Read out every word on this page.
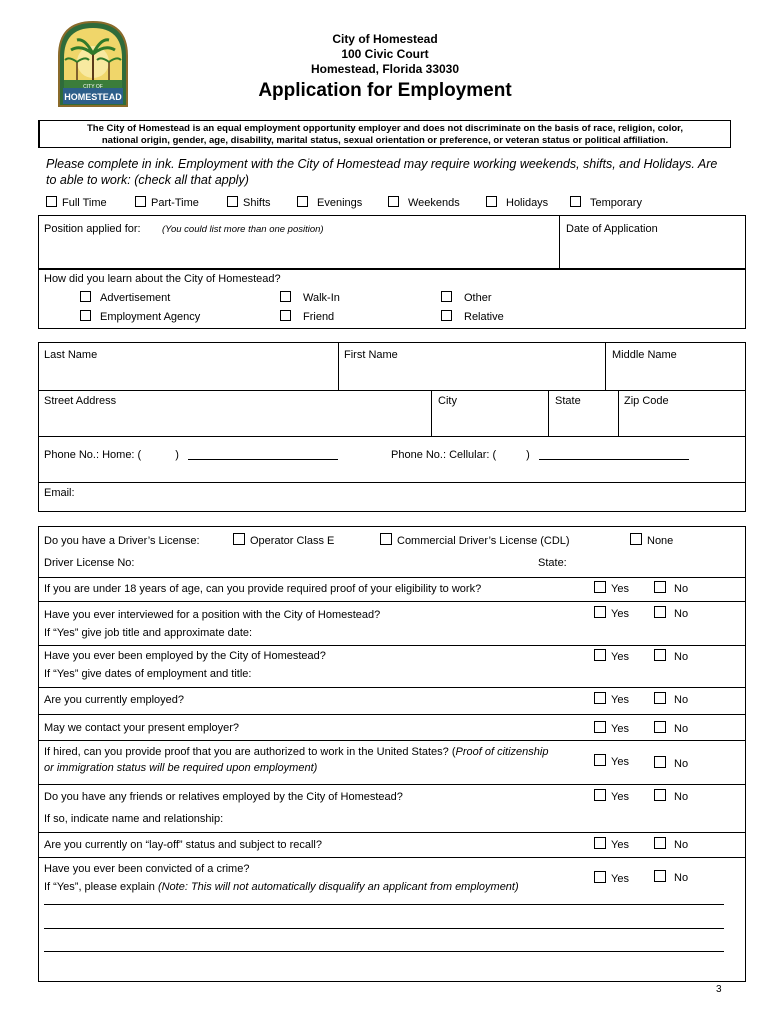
CITY OF
HOMESTEAD
City of Homestead
100 Civic Court
Homestead, Florida 33030
Application for Employment
The City of Homestead is an equal employment opportunity employer and does not discriminate on the basis of race, religion, color,
national origin, gender, age, disability, marital status, sexual orientation or preference, or veteran status or political affiliation.
Please complete in ink. Employment with the City of Homestead may require working weekends, shifts, and Holidays. Are
to able to work: (check all that apply)
Full Time	Part-Time	Shifts	Evenings	Weekends	Holidays	Temporary
Position applied for: (You could list more than one position)	Date of Application
How did you learn about the City of Homestead?
Advertisement	Walk-In	Other
Employment Agency	Friend	Relative
Last Name	First Name	Middle Name
Street Address	City	State	Zip Code
Phone No.: Home: (	)	Phone No.: Cellular: (	)
Email:
Do you have a Driver’s License:	Operator Class E	Commercial Driver’s License (CDL)	None
Driver License No:	State:
If you are under 18 years of age, can you provide required proof of your eligibility to work?	Yes	No
Have you ever interviewed for a position with the City of Homestead?
If “Yes” give job title and approximate date:
Yes	No
Have you ever been employed by the City of Homestead?
If “Yes” give dates of employment and title:
Yes	No
Are you currently employed?	Yes	No
May we contact your present employer?	Yes	No
If hired, can you provide proof that you are authorized to work in the United States? (Proof of citizenship
or immigration status will be required upon employment)	Yes	No
Do you have any friends or relatives employed by the City of Homestead?
If so, indicate name and relationship:
Yes	No
Are you currently on “lay-off” status and subject to recall?	Yes	No
Have you ever been convicted of a crime?
If “Yes”, please explain (Note: This will not automatically disqualify an applicant from employment)
Yes	No
3
